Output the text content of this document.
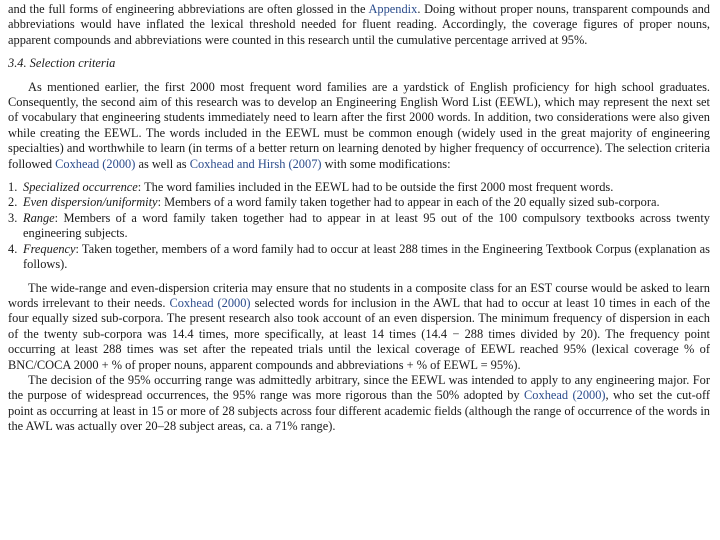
and the full forms of engineering abbreviations are often glossed in the Appendix. Doing without proper nouns, transparent compounds and abbreviations would have inflated the lexical threshold needed for fluent reading. Accordingly, the coverage figures of proper nouns, apparent compounds and abbreviations were counted in this research until the cumulative percentage arrived at 95%.

3.4. Selection criteria

As mentioned earlier, the first 2000 most frequent word families are a yardstick of English proficiency for high school graduates. Consequently, the second aim of this research was to develop an Engineering English Word List (EEWL), which may represent the next set of vocabulary that engineering students immediately need to learn after the first 2000 words. In addition, two considerations were also given while creating the EEWL. The words included in the EEWL must be common enough (widely used in the great majority of engineering specialties) and worthwhile to learn (in terms of a better return on learning denoted by higher frequency of occurrence). The selection criteria followed Coxhead (2000) as well as Coxhead and Hirsh (2007) with some modifications:

1. Specialized occurrence: The word families included in the EEWL had to be outside the first 2000 most frequent words.
2. Even dispersion/uniformity: Members of a word family taken together had to appear in each of the 20 equally sized sub-corpora.
3. Range: Members of a word family taken together had to appear in at least 95 out of the 100 compulsory textbooks across twenty engineering subjects.
4. Frequency: Taken together, members of a word family had to occur at least 288 times in the Engineering Textbook Corpus (explanation as follows).

The wide-range and even-dispersion criteria may ensure that no students in a composite class for an EST course would be asked to learn words irrelevant to their needs. Coxhead (2000) selected words for inclusion in the AWL that had to occur at least 10 times in each of the four equally sized sub-corpora. The present research also took account of an even dispersion. The minimum frequency of dispersion in each of the twenty sub-corpora was 14.4 times, more specifically, at least 14 times (14.4 − 288 times divided by 20). The frequency point occurring at least 288 times was set after the repeated trials until the lexical coverage of EEWL reached 95% (lexical coverage % of BNC/COCA 2000 + % of proper nouns, apparent compounds and abbreviations + % of EEWL = 95%).

The decision of the 95% occurring range was admittedly arbitrary, since the EEWL was intended to apply to any engineering major. For the purpose of widespread occurrences, the 95% range was more rigorous than the 50% adopted by Coxhead (2000), who set the cut-off point as occurring at least in 15 or more of 28 subjects across four different academic fields (although the range of occurrence of the words in the AWL was actually over 20–28 subject areas, ca. a 71% range).
